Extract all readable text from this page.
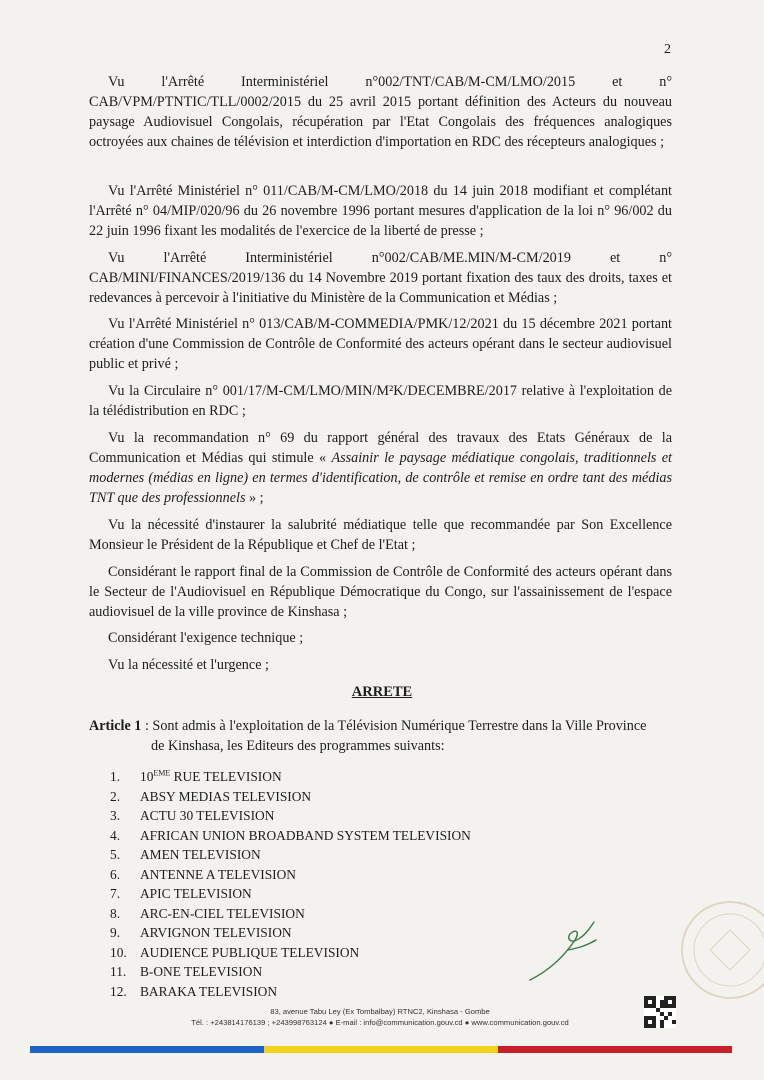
2

Vu l'Arrêté Interministériel n°002/TNT/CAB/M-CM/LMO/2015 et n° CAB/VPM/PTNTIC/TLL/0002/2015 du 25 avril 2015 portant définition des Acteurs du nouveau paysage Audiovisuel Congolais, récupération par l'Etat Congolais des fréquences analogiques octroyées aux chaines de télévision et interdiction d'importation en RDC des récepteurs analogiques ;

Vu l'Arrêté Ministériel n° 011/CAB/M-CM/LMO/2018 du 14 juin 2018 modifiant et complétant l'Arrêté n° 04/MIP/020/96 du 26 novembre 1996 portant mesures d'application de la loi n° 96/002 du 22 juin 1996 fixant les modalités de l'exercice de la liberté de presse ;

Vu l'Arrêté Interministériel n°002/CAB/ME.MIN/M-CM/2019 et n° CAB/MINI/FINANCES/2019/136 du 14 Novembre 2019 portant fixation des taux des droits, taxes et redevances à percevoir à l'initiative du Ministère de la Communication et Médias ;

Vu l'Arrêté Ministériel n° 013/CAB/M-COMMEDIA/PMK/12/2021 du 15 décembre 2021 portant création d'une Commission de Contrôle de Conformité des acteurs opérant dans le secteur audiovisuel public et privé ;

Vu la Circulaire n° 001/17/M-CM/LMO/MIN/M²K/DECEMBRE/2017 relative à l'exploitation de la télédistribution en RDC ;

Vu la recommandation n° 69 du rapport général des travaux des Etats Généraux de la Communication et Médias qui stimule « Assainir le paysage médiatique congolais, traditionnels et modernes (médias en ligne) en termes d'identification, de contrôle et remise en ordre tant des médias TNT que des professionnels » ;

Vu la nécessité d'instaurer la salubrité médiatique telle que recommandée par Son Excellence Monsieur le Président de la République et Chef de l'Etat ;

Considérant le rapport final de la Commission de Contrôle de Conformité des acteurs opérant dans le Secteur de l'Audiovisuel en République Démocratique du Congo, sur l'assainissement de l'espace audiovisuel de la ville province de Kinshasa ;

Considérant l'exigence technique ;

Vu la nécessité et l'urgence ;

ARRETE
Article 1 : Sont admis à l'exploitation de la Télévision Numérique Terrestre dans la Ville Province
de Kinshasa, les Editeurs des programmes suivants:
1. 10EME RUE TELEVISION
2. ABSY MEDIAS TELEVISION
3. ACTU 30 TELEVISION
4. AFRICAN UNION BROADBAND SYSTEM TELEVISION
5. AMEN TELEVISION
6. ANTENNE A TELEVISION
7. APIC TELEVISION
8. ARC-EN-CIEL TELEVISION
9. ARVIGNON TELEVISION
10. AUDIENCE PUBLIQUE TELEVISION
11. B-ONE TELEVISION
12. BARAKA TELEVISION
83, avenue Tabu Ley (Ex Tombalbay) RTNC2, Kinshasa - Gombe
Tél. : +243814176139 ; +243998763124 ● E-mail : info@communication.gouv.cd ● www.communication.gouv.cd
